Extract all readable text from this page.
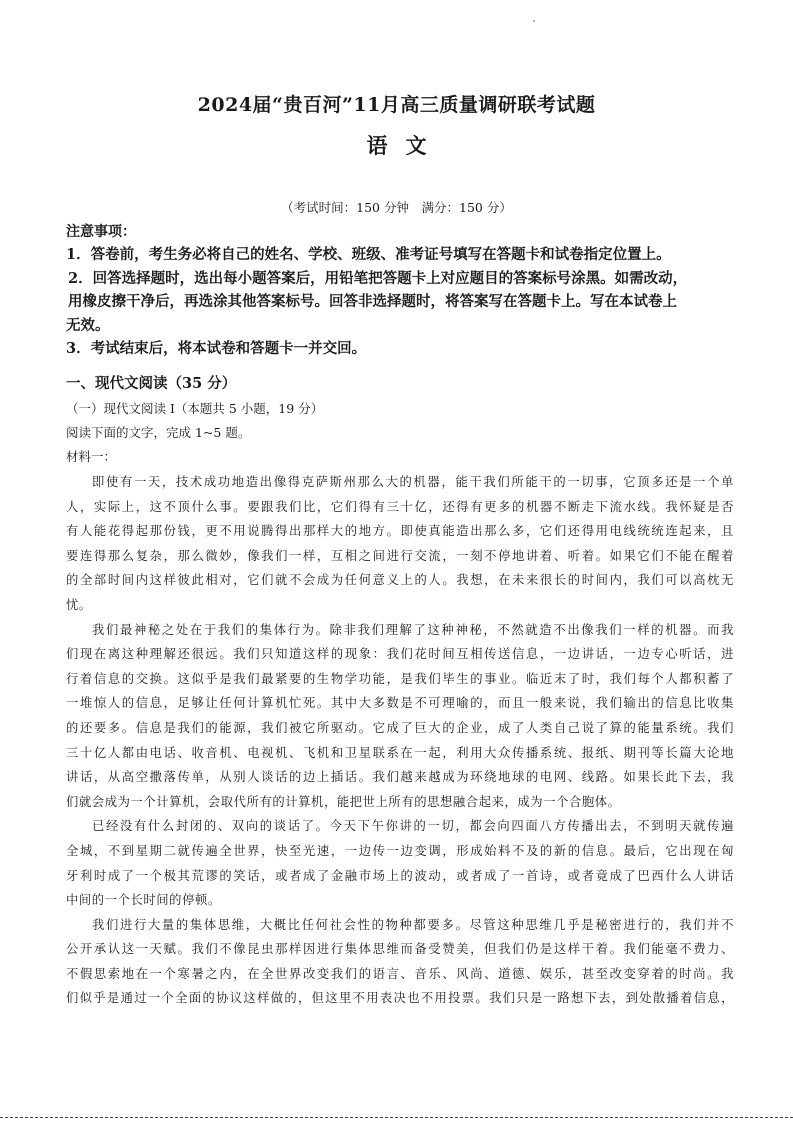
2024届“贵百河”11月高三质量调研联考试题
语文
（考试时间：150 分钟　满分：150 分）
注意事项：
1．答卷前，考生务必将自己的姓名、学校、班级、准考证号填写在答题卡和试卷指定位置上。
2．回答选择题时，选出每小题答案后，用铅笔把答题卡上对应题目的答案标号涂黑。如需改动，
用橡皮擦干净后，再选涂其他答案标号。回答非选择题时，将答案写在答题卡上。写在本试卷上
无效。
3．考试结束后，将本试卷和答题卡一并交回。
一、现代文阅读（35 分）
（一）现代文阅读 I（本题共 5 小题，19 分）
阅读下面的文字，完成 1~5 题。
材料一：
即使有一天，技术成功地造出像得克萨斯州那么大的机器，能干我们所能干的一切事，它顶多还是一个单
人，实际上，这不顶什么事。要跟我们比，它们得有三十亿，还得有更多的机器不断走下流水线。我怀疑是否
有人能花得起那份钱，更不用说腾得出那样大的地方。即使真能造出那么多，它们还得用电线统统连起来，且
要连得那么复杂，那么微妙，像我们一样，互相之间进行交流，一刻不停地讲着、听着。如果它们不能在醒着
的全部时间内这样彼此相对，它们就不会成为任何意义上的人。我想，在未来很长的时间内，我们可以高枕无
忧。
我们最神秘之处在于我们的集体行为。除非我们理解了这种神秘，不然就造不出像我们一样的机器。而我
们现在离这种理解还很远。我们只知道这样的现象：我们花时间互相传送信息，一边讲话，一边专心听话，进
行着信息的交换。这似乎是我们最紧要的生物学功能，是我们毕生的事业。临近末了时，我们每个人都积蓄了
一堆惊人的信息，足够让任何计算机忙死。其中大多数是不可理喻的，而且一般来说，我们输出的信息比收集
的还要多。信息是我们的能源，我们被它所驱动。它成了巨大的企业，成了人类自己说了算的能量系统。我们
三十亿人都由电话、收音机、电视机、飞机和卫星联系在一起，利用大众传播系统、报纸、期刊等长篇大论地
讲话，从高空撒落传单，从别人谈话的边上插话。我们越来越成为环绕地球的电网、线路。如果长此下去，我
们就会成为一个计算机，会取代所有的计算机，能把世上所有的思想融合起来，成为一个合胞体。
已经没有什么封闭的、双向的谈话了。今天下午你讲的一切，都会向四面八方传播出去，不到明天就传遍
全城，不到星期二就传遍全世界，快至光速，一边传一边变调，形成始料不及的新的信息。最后，它出现在匈
牙利时成了一个极其荒谬的笑话，或者成了金融市场上的波动，或者成了一首诗，或者竟成了巴西什么人讲话
中间的一个长时间的停顿。
我们进行大量的集体思维，大概比任何社会性的物种都要多。尽管这种思维几乎是秘密进行的，我们并不
公开承认这一天赋。我们不像昆虫那样因进行集体思维而备受赞美，但我们仍是这样干着。我们能毫不费力、
不假思索地在一个寒暑之内，在全世界改变我们的语言、音乐、风尚、道德、娱乐，甚至改变穿着的时尚。我
们似乎是通过一个全面的协议这样做的，但这里不用表决也不用投票。我们只是一路想下去，到处散播着信息，
